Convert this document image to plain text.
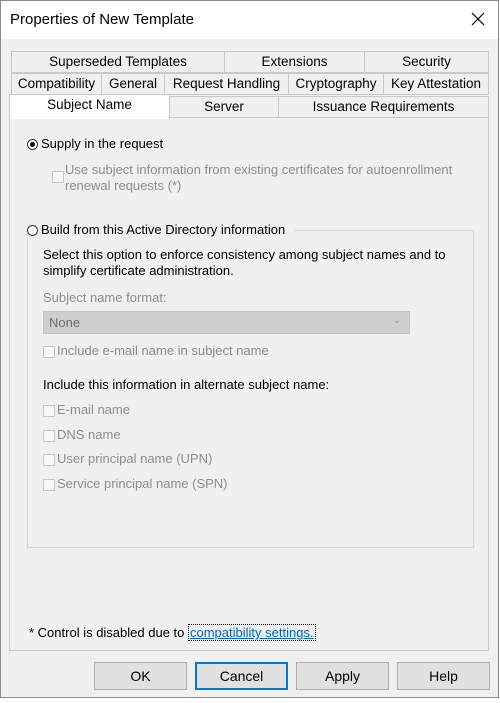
Properties of New Template
Superseded Templates	Extensions	Security
Compatibility	General	Request Handling	Cryptography	Key Attestation
Subject Name	Server	Issuance Requirements
Supply in the request
Use subject information from existing certificates for autoenrollment renewal requests (*)
Build from this Active Directory information
Select this option to enforce consistency among subject names and to simplify certificate administration.
Subject name format:
None	⌄
Include e-mail name in subject name
Include this information in alternate subject name:
E-mail name
DNS name
User principal name (UPN)
Service principal name (SPN)
* Control is disabled due to compatibility settings.
OK	Cancel	Apply	Help
